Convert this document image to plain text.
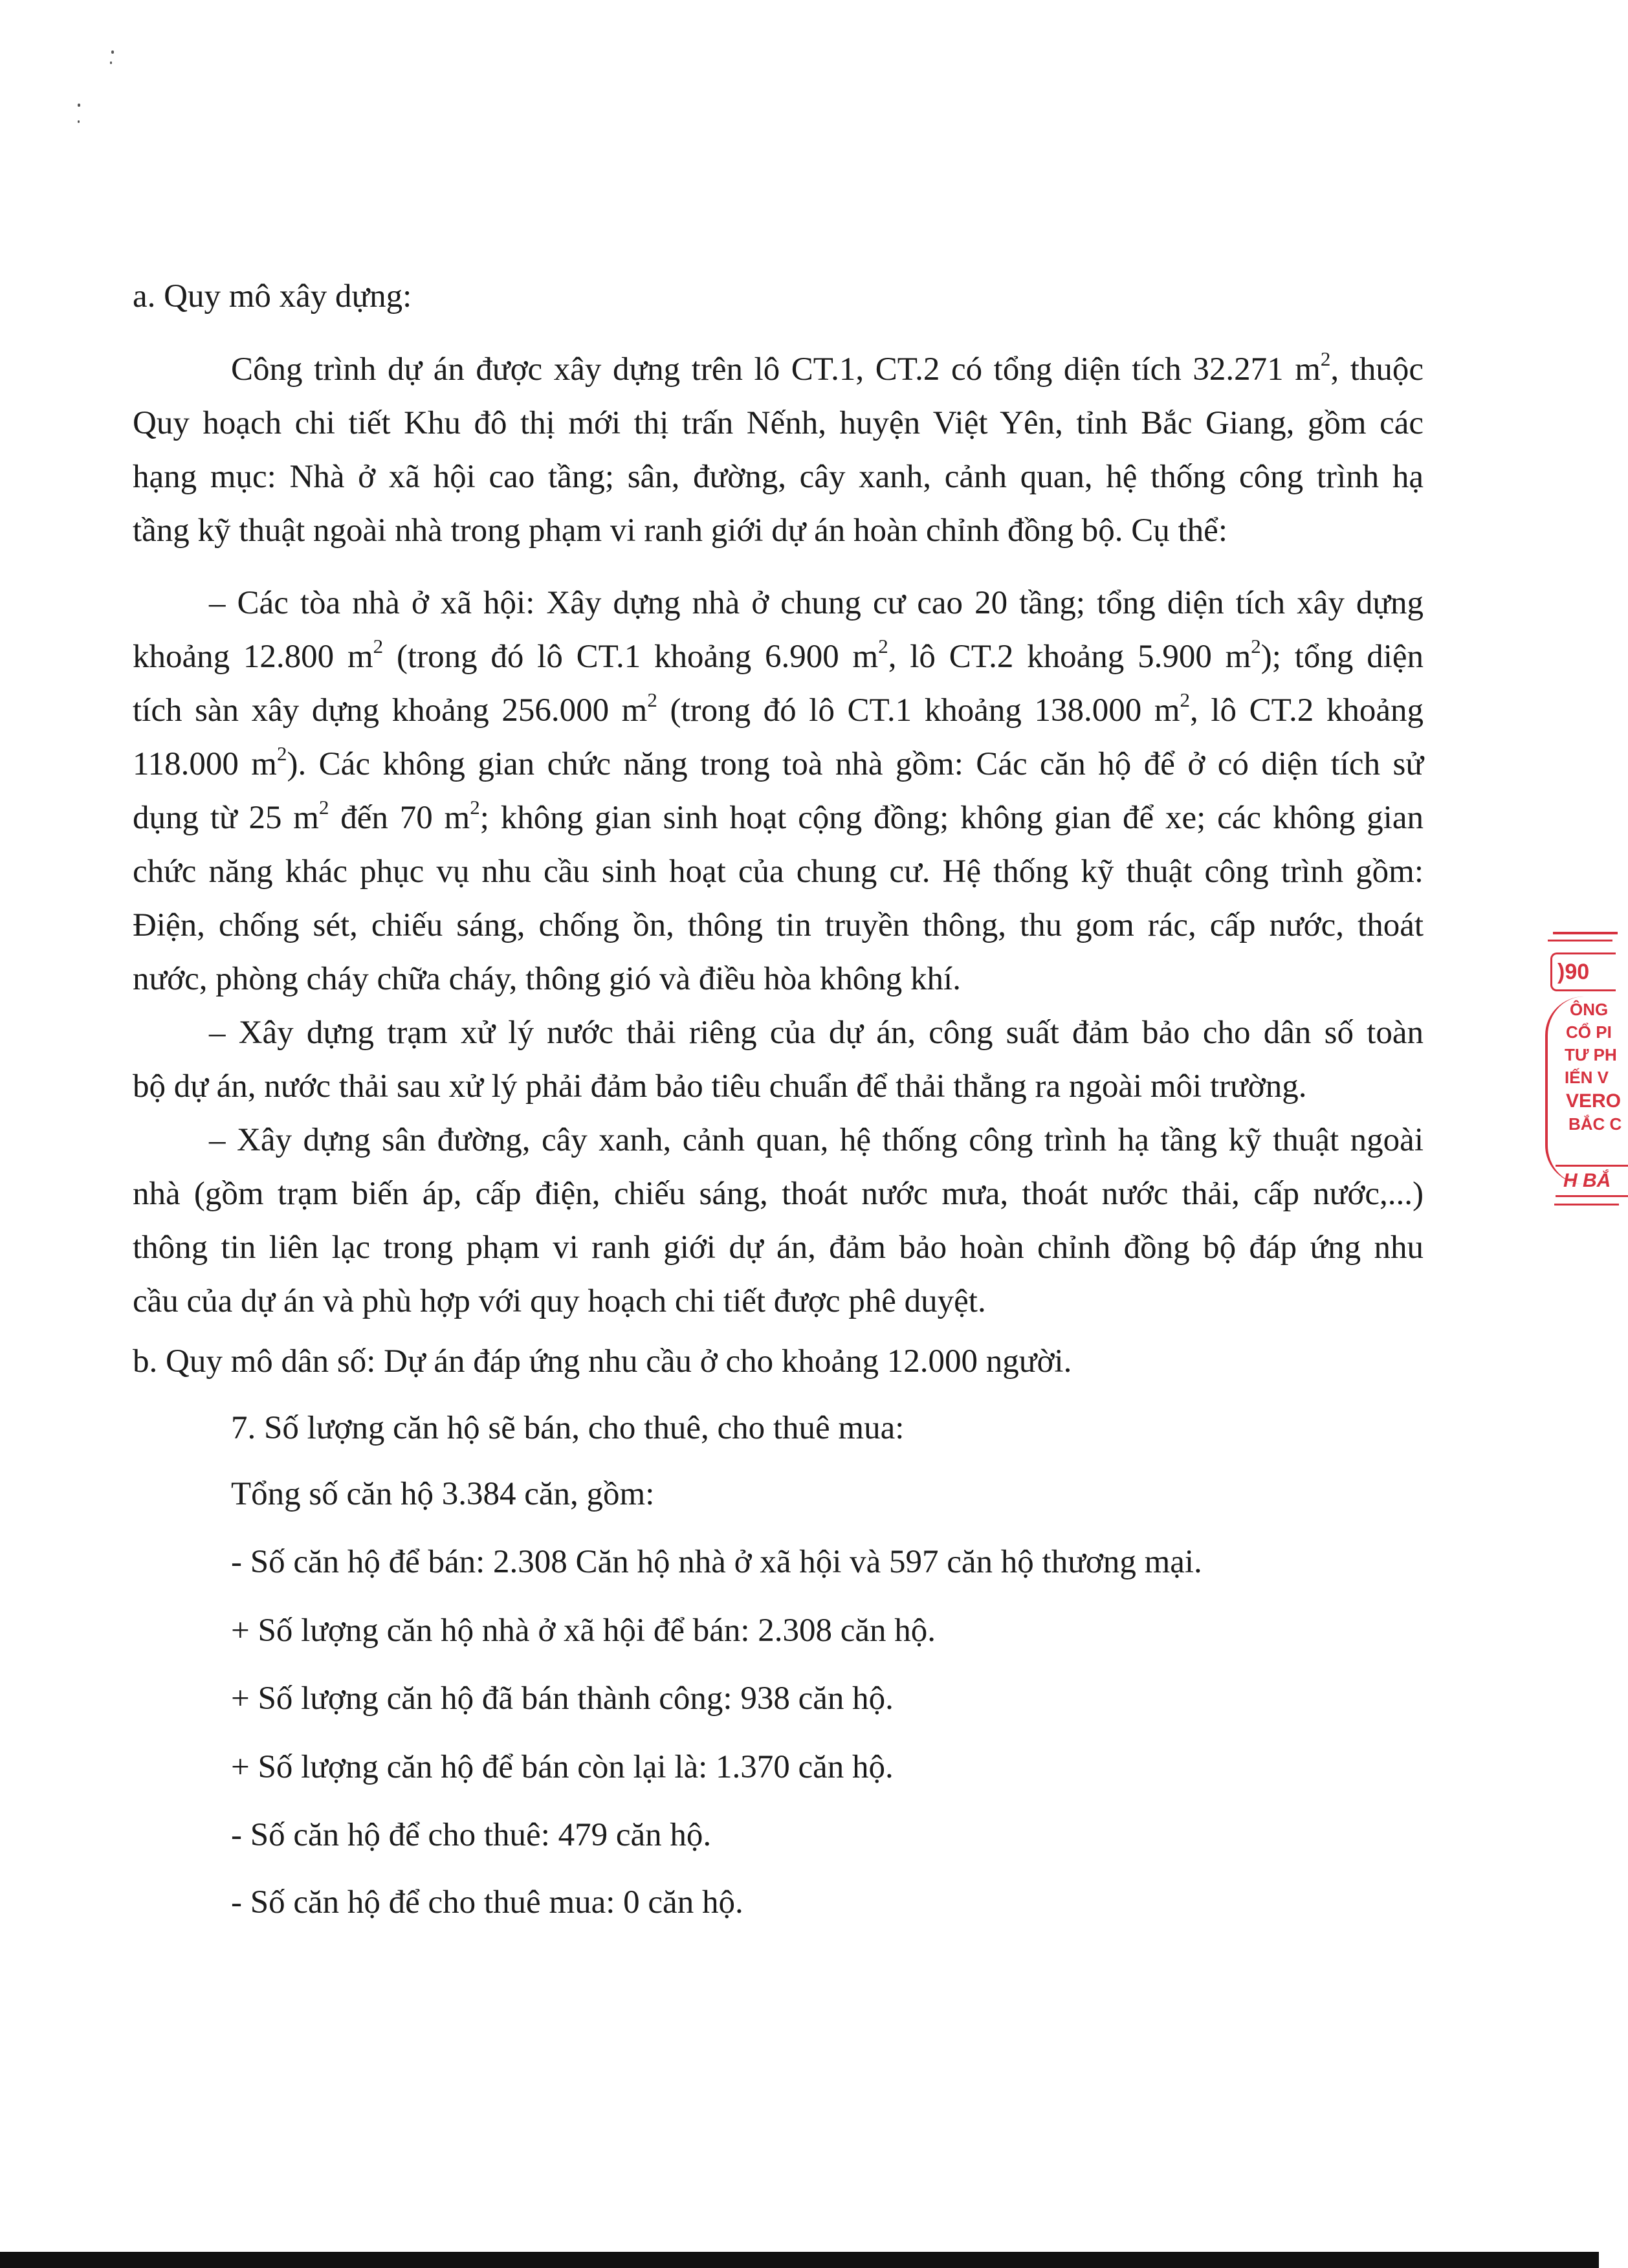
a. Quy mô xây dựng:
Công trình dự án được xây dựng trên lô CT.1, CT.2 có tổng diện tích 32.271 $m^2$, thuộc
Quy hoạch chi tiết Khu đô thị mới thị trấn Nếnh, huyện Việt Yên, tỉnh Bắc Giang, gồm các
hạng mục: Nhà ở xã hội cao tầng; sân, đường, cây xanh, cảnh quan, hệ thống công trình hạ
tầng kỹ thuật ngoài nhà trong phạm vi ranh giới dự án hoàn chỉnh đồng bộ. Cụ thể:
– Các tòa nhà ở xã hội: Xây dựng nhà ở chung cư cao 20 tầng; tổng diện tích xây dựng
khoảng 12.800 $m^2$ (trong đó lô CT.1 khoảng 6.900 $m^2$, lô CT.2 khoảng 5.900 $m^2$); tổng diện
tích sàn xây dựng khoảng 256.000 $m^2$ (trong đó lô CT.1 khoảng 138.000 $m^2$, lô CT.2 khoảng
118.000 $m^2$). Các không gian chức năng trong toà nhà gồm: Các căn hộ để ở có diện tích sử
dụng từ 25 $m^2$ đến 70 $m^2$; không gian sinh hoạt cộng đồng; không gian để xe; các không gian
chức năng khác phục vụ nhu cầu sinh hoạt của chung cư. Hệ thống kỹ thuật công trình gồm:
Điện, chống sét, chiếu sáng, chống ồn, thông tin truyền thông, thu gom rác, cấp nước, thoát
nước, phòng cháy chữa cháy, thông gió và điều hòa không khí.
– Xây dựng trạm xử lý nước thải riêng của dự án, công suất đảm bảo cho dân số toàn
bộ dự án, nước thải sau xử lý phải đảm bảo tiêu chuẩn để thải thẳng ra ngoài môi trường.
– Xây dựng sân đường, cây xanh, cảnh quan, hệ thống công trình hạ tầng kỹ thuật ngoài
nhà (gồm trạm biến áp, cấp điện, chiếu sáng, thoát nước mưa, thoát nước thải, cấp nước,...)
thông tin liên lạc trong phạm vi ranh giới dự án, đảm bảo hoàn chỉnh đồng bộ đáp ứng nhu
cầu của dự án và phù hợp với quy hoạch chi tiết được phê duyệt.
b. Quy mô dân số: Dự án đáp ứng nhu cầu ở cho khoảng 12.000 người.
7. Số lượng căn hộ sẽ bán, cho thuê, cho thuê mua:
Tổng số căn hộ 3.384 căn, gồm:
- Số căn hộ để bán: 2.308 Căn hộ nhà ở xã hội và 597 căn hộ thương mại.
+ Số lượng căn hộ nhà ở xã hội để bán: 2.308 căn hộ.
+ Số lượng căn hộ đã bán thành công: 938 căn hộ.
+ Số lượng căn hộ để bán còn lại là: 1.370 căn hộ.
- Số căn hộ để cho thuê: 479 căn hộ.
- Số căn hộ để cho thuê mua: 0 căn hộ.
)90
ÔNG
CỔ PI
TƯ PH
IẾN V
VERO
BẮC C
H BẮ
